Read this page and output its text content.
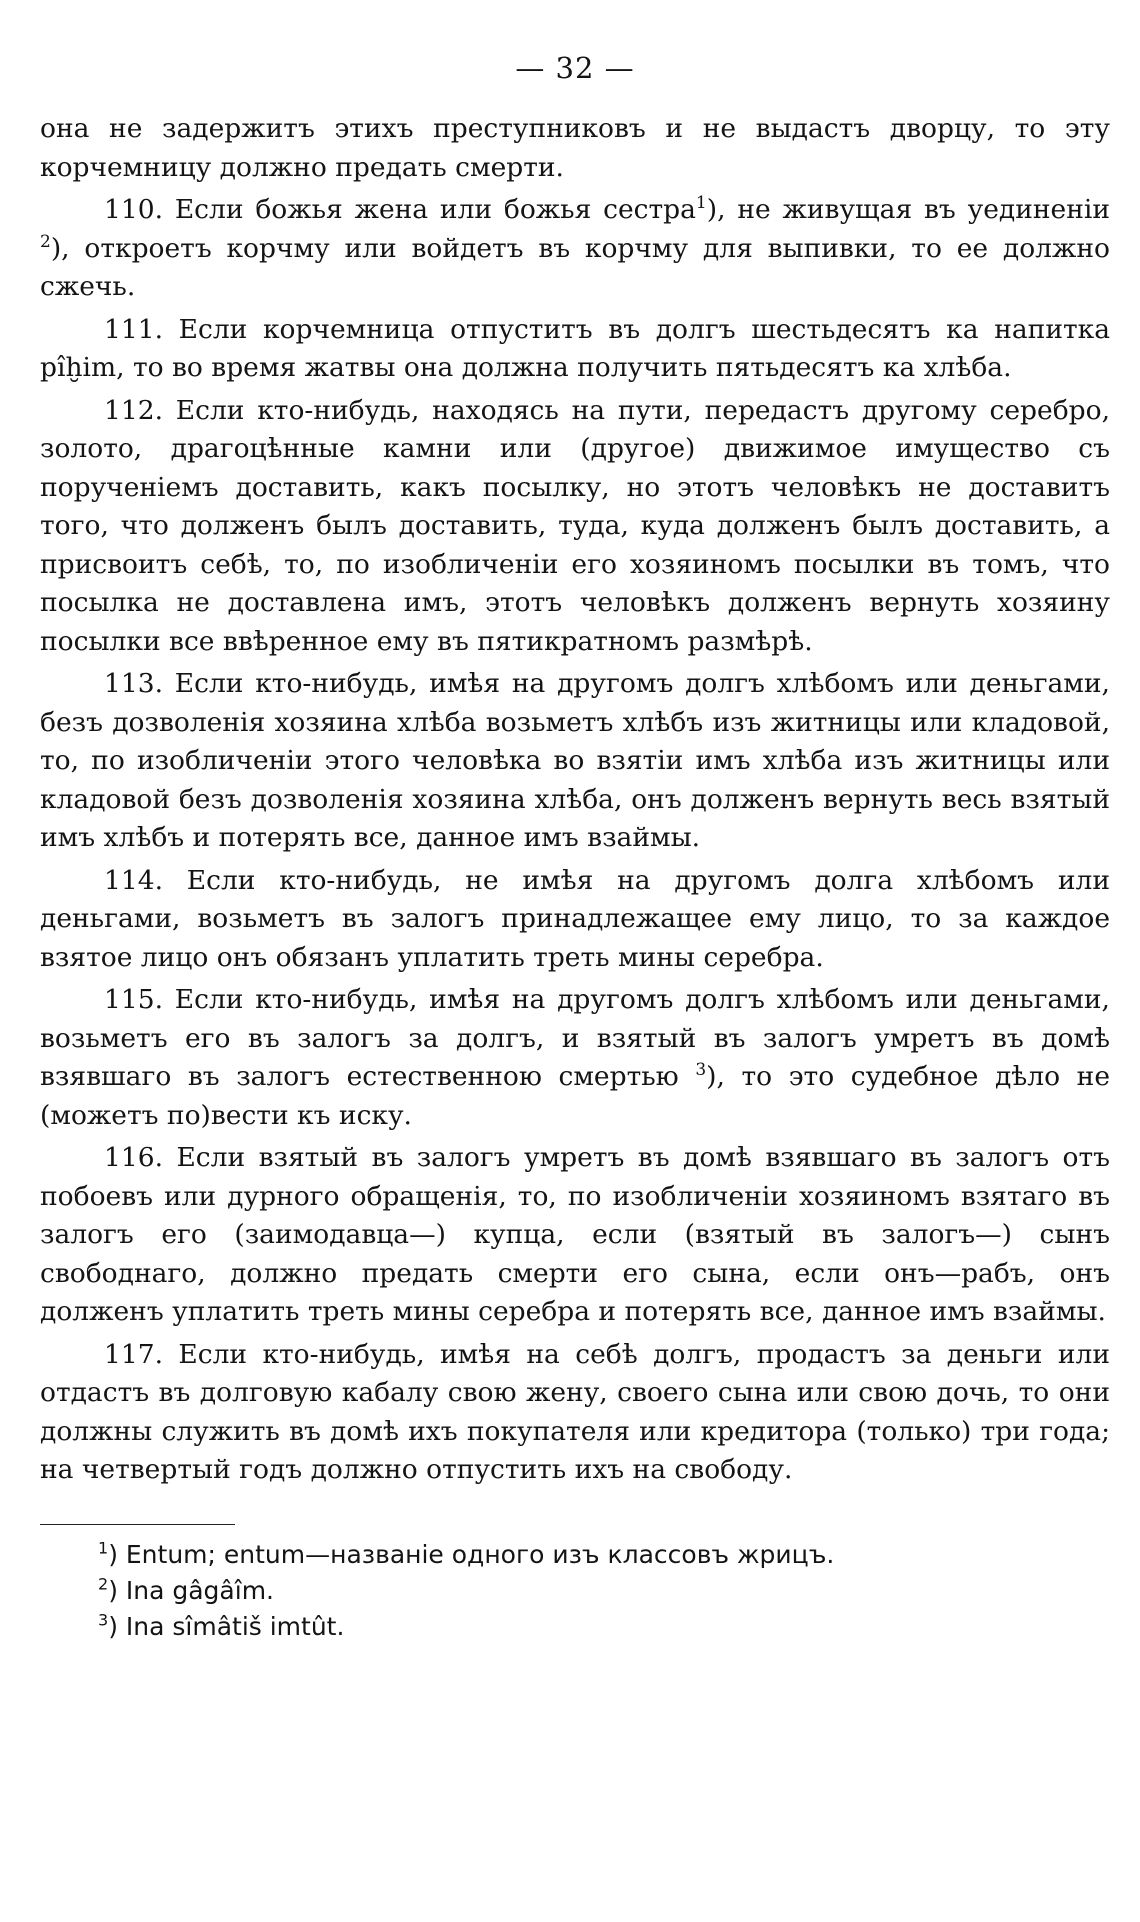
— 32 —

она не задержитъ этихъ преступниковъ и не выдастъ дворцу, то эту корчемницу должно предать смерти.

110. Если божья жена или божья сестра$^1$), не живущая въ уединеніи $^2$), откроетъ корчму или войдетъ въ корчму для выпивки, то ее должно сжечь.

111. Если корчемница отпуститъ въ долгъ шестьдесятъ ка напитка pîḫim, то во время жатвы она должна получить пятьдесятъ ка хлѣба.

112. Если кто-нибудь, находясь на пути, передастъ другому серебро, золото, драгоцѣнные камни или (другое) движимое имущество съ порученіемъ доставить, какъ посылку, но этотъ человѣкъ не доставитъ того, что долженъ былъ доставить, туда, куда долженъ былъ доставить, а присвоитъ себѣ, то, по изобличеніи его хозяиномъ посылки въ томъ, что посылка не доставлена имъ, этотъ человѣкъ долженъ вернуть хозяину посылки все ввѣренное ему въ пятикратномъ размѣрѣ.

113. Если кто-нибудь, имѣя на другомъ долгъ хлѣбомъ или деньгами, безъ дозволенія хозяина хлѣба возьметъ хлѣбъ изъ житницы или кладовой, то, по изобличеніи этого человѣка во взятіи имъ хлѣба изъ житницы или кладовой безъ дозволенія хозяина хлѣба, онъ долженъ вернуть весь взятый имъ хлѣбъ и потерять все, данное имъ взаймы.

114. Если кто-нибудь, не имѣя на другомъ долга хлѣбомъ или деньгами, возьметъ въ залогъ принадлежащее ему лицо, то за каждое взятое лицо онъ обязанъ уплатить треть мины серебра.

115. Если кто-нибудь, имѣя на другомъ долгъ хлѣбомъ или деньгами, возьметъ его въ залогъ за долгъ, и взятый въ залогъ умретъ въ домѣ взявшаго въ залогъ естественною смертью $^3$), то это судебное дѣло не (можетъ по)вести къ иску.

116. Если взятый въ залогъ умретъ въ домѣ взявшаго въ залогъ отъ побоевъ или дурного обращенія, то, по изобличеніи хозяиномъ взятаго въ залогъ его (заимодавца—) купца, если (взятый въ залогъ—) сынъ свободнаго, должно предать смерти его сына, если онъ—рабъ, онъ долженъ уплатить треть мины серебра и потерять все, данное имъ взаймы.

117. Если кто-нибудь, имѣя на себѣ долгъ, продастъ за деньги или отдастъ въ долговую кабалу свою жену, своего сына или свою дочь, то они должны служить въ домѣ ихъ покупателя или кредитора (только) три года; на четвертый годъ должно отпустить ихъ на свободу.

$^1$) Entum; entum—названіе одного изъ классовъ жрицъ.
$^2$) Ina gâgâîm.
$^3$) Ina sîmâtiš imtût.
